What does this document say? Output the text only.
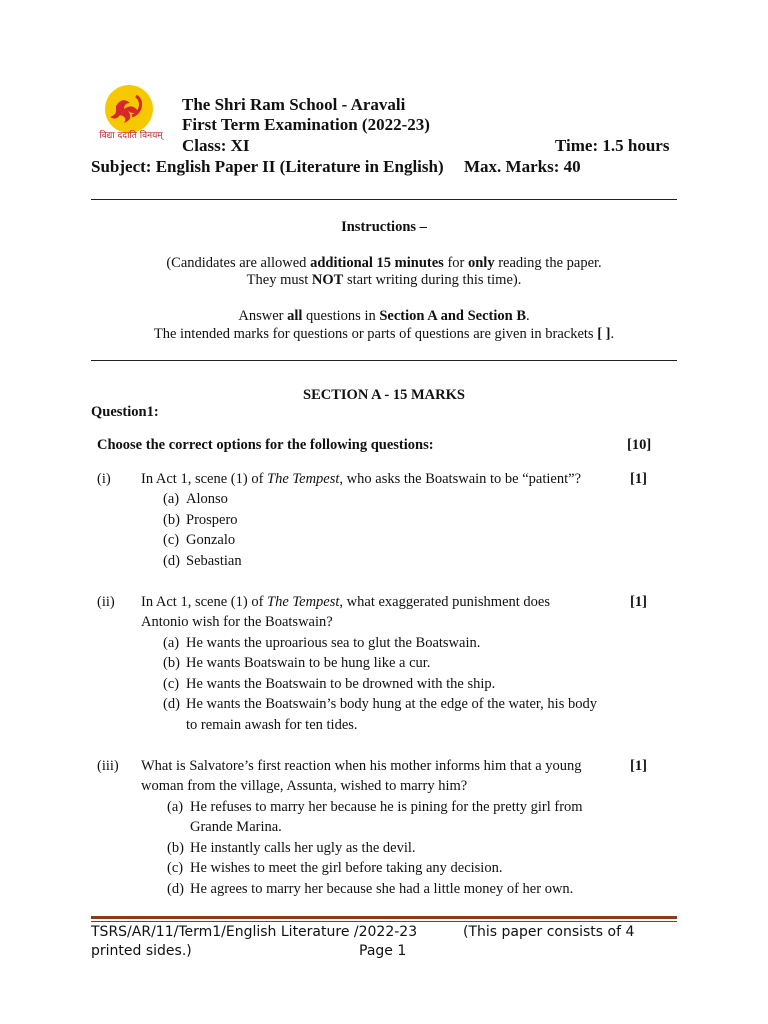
विद्या ददाति विनयम्
The Shri Ram School - Aravali
First Term Examination (2022-23)
Class: XI	Time: 1.5 hours
Subject: English Paper II (Literature in English) Max. Marks: 40
Instructions –
(Candidates are allowed additional 15 minutes for only reading the paper.
They must NOT start writing during this time).
Answer all questions in Section A and Section B.
The intended marks for questions or parts of questions are given in brackets [ ].
SECTION A - 15 MARKS
Question1:
Choose the correct options for the following questions:	[10]
(i) In Act 1, scene (1) of The Tempest, who asks the Boatswain to be “patient”?	[1]
(a) Alonso
(b) Prospero
(c) Gonzalo
(d) Sebastian
(ii) In Act 1, scene (1) of The Tempest, what exaggerated punishment does
Antonio wish for the Boatswain?
[1]
(a) He wants the uproarious sea to glut the Boatswain.
(b) He wants Boatswain to be hung like a cur.
(c) He wants the Boatswain to be drowned with the ship.
(d) He wants the Boatswain’s body hung at the edge of the water, his body
to remain awash for ten tides.
(iii) What is Salvatore’s first reaction when his mother informs him that a young
woman from the village, Assunta, wished to marry him?
[1]
(a) He refuses to marry her because he is pining for the pretty girl from
Grande Marina.
(b) He instantly calls her ugly as the devil.
(c) He wishes to meet the girl before taking any decision.
(d) He agrees to marry her because she had a little money of her own.
TSRS/AR/11/Term1/English Literature /2022-23	(This paper consists of 4
printed sides.)	Page 1
